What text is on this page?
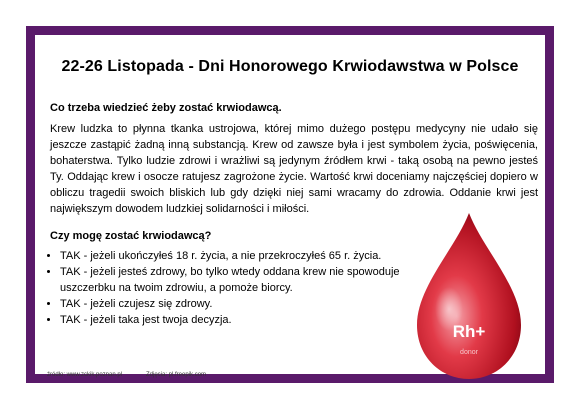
22-26 Listopada - Dni Honorowego Krwiodawstwa w Polsce
Co trzeba wiedzieć żeby zostać krwiodawcą.

Krew ludzka to płynna tkanka ustrojowa, której mimo dużego postępu medycyny nie udało się jeszcze zastąpić żadną inną substancją. Krew od zawsze była i jest symbolem życia, poświęcenia, bohaterstwa. Tylko ludzie zdrowi i wrażliwi są jedynym źródłem krwi - taką osobą na pewno jesteś Ty. Oddając krew i osocze ratujesz zagrożone życie. Wartość krwi doceniamy najczęściej dopiero w obliczu tragedii swoich bliskich lub gdy dzięki niej sami wracamy do zdrowia. Oddanie krwi jest największym dowodem ludzkiej solidarności i miłości.

Czy mogę zostać krwiodawcą?
• TAK - jeżeli ukończyłeś 18 r. życia, a nie przekroczyłeś 65 r. życia.
• TAK - jeżeli jesteś zdrowy, bo tylko wtedy oddana krew nie spowoduje uszczerbku na twoim zdrowiu, a pomoże biorcy.
• TAK - jeżeli czujesz się zdrowy.
• TAK - jeżeli taka jest twoja decyzja.
Rh+
donor
źródło: www.zckik.poznan.pl	Zdjęcia: pl.freepik.com
